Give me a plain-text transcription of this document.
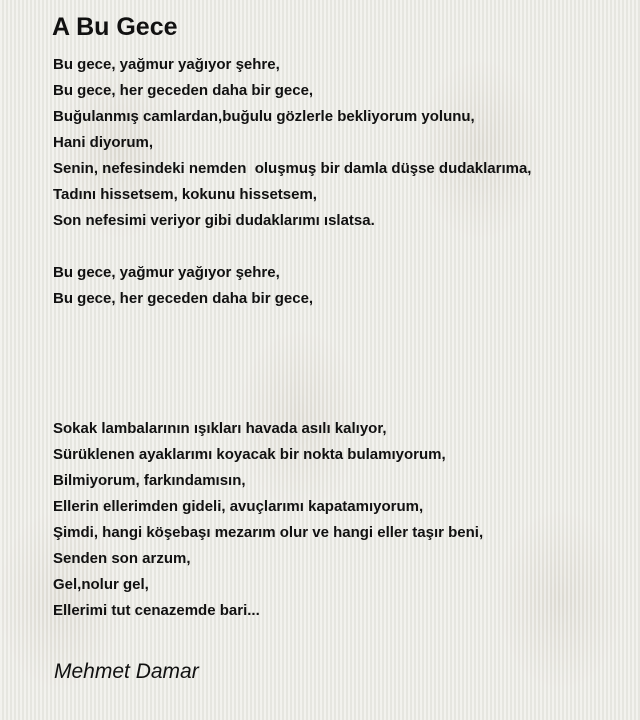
A Bu Gece
Bu gece, yağmur yağıyor şehre,
Bu gece, her geceden daha bir gece,
Buğulanmış camlardan,buğulu gözlerle bekliyorum yolunu,
Hani diyorum,
Senin, nefesindeki nemden  oluşmuş bir damla düşse dudaklarıma,
Tadını hissetsem, kokunu hissetsem,
Son nefesimi veriyor gibi dudaklarımı ıslatsa.
Bu gece, yağmur yağıyor şehre,
Bu gece, her geceden daha bir gece,
Sokak lambalarının ışıkları havada asılı kalıyor,
Sürüklenen ayaklarımı koyacak bir nokta bulamıyorum,
Bilmiyorum, farkındamısın,
Ellerin ellerimden gideli, avuçlarımı kapatamıyorum,
Şimdi, hangi köşebaşı mezarım olur ve hangi eller taşır beni,
Senden son arzum,
Gel,nolur gel,
Ellerimi tut cenazemde bari...
Mehmet Damar
